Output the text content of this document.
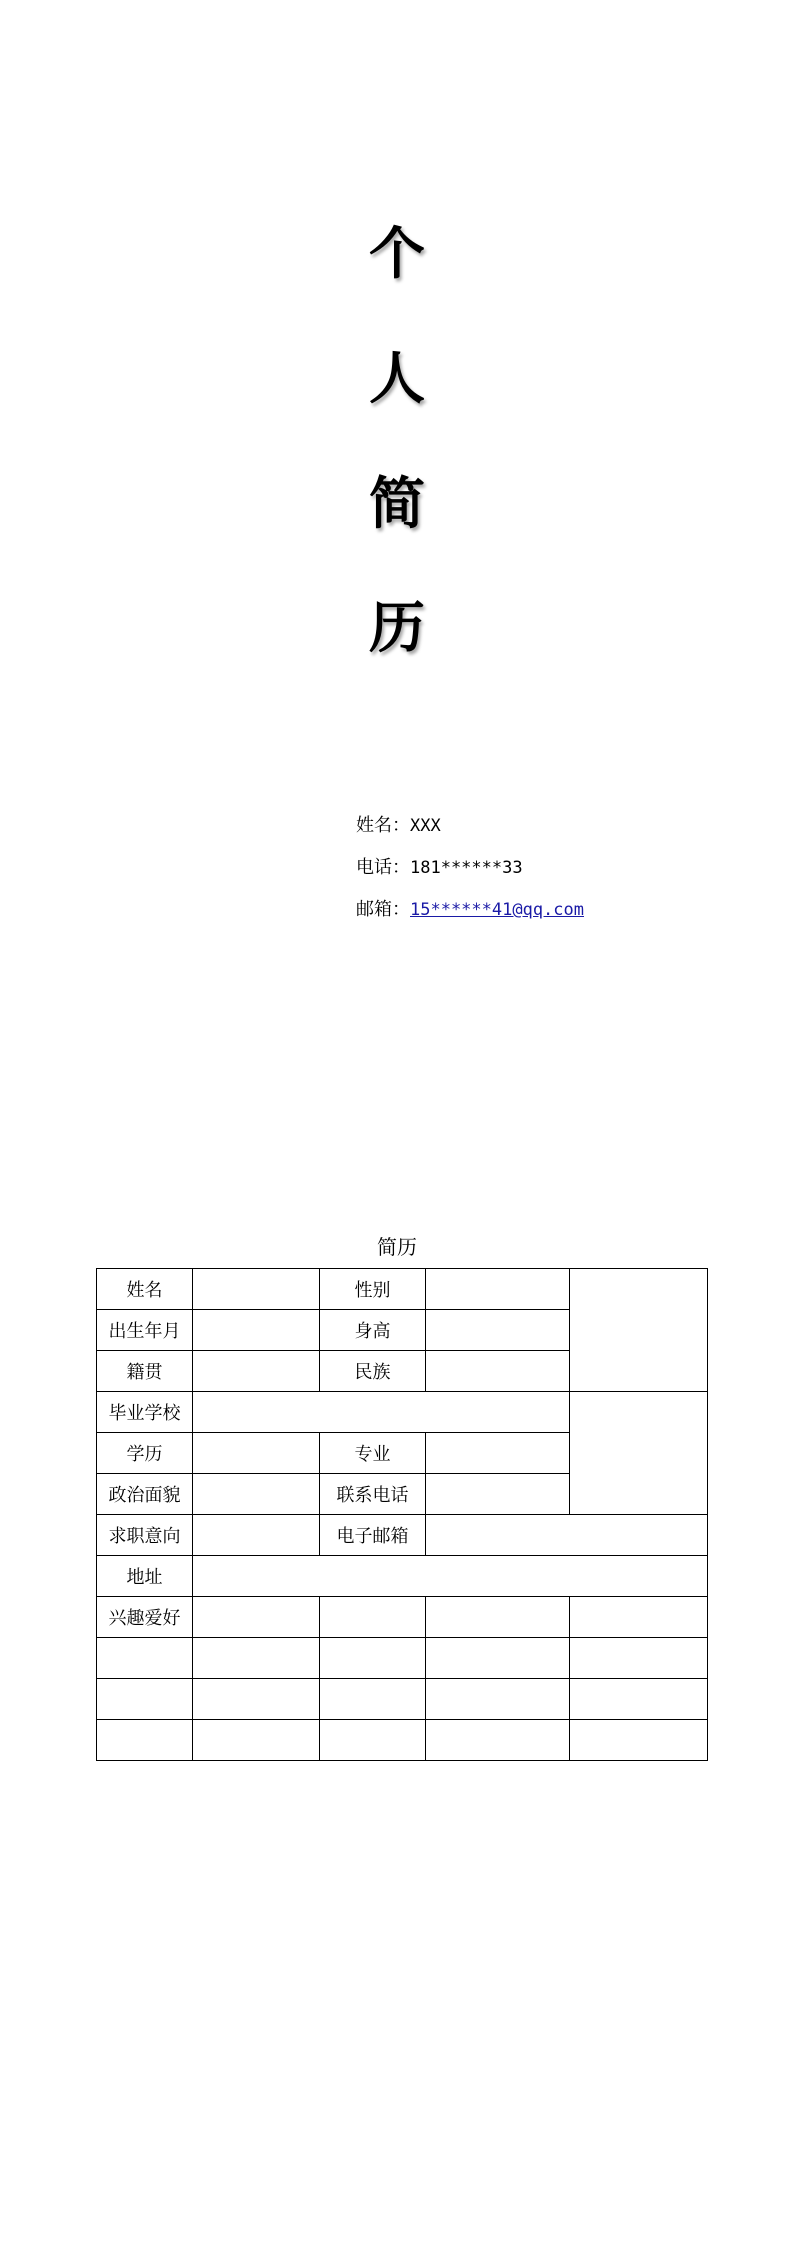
个
人
简
历
姓名：XXX
电话：181******33
邮箱：15******41@qq.com
简历
姓名		性别		
出生年月		身高		
籍贯		民族		
毕业学校				
学历		专业		
政治面貌		联系电话		
求职意向		电子邮箱		
地址				
兴趣爱好				
